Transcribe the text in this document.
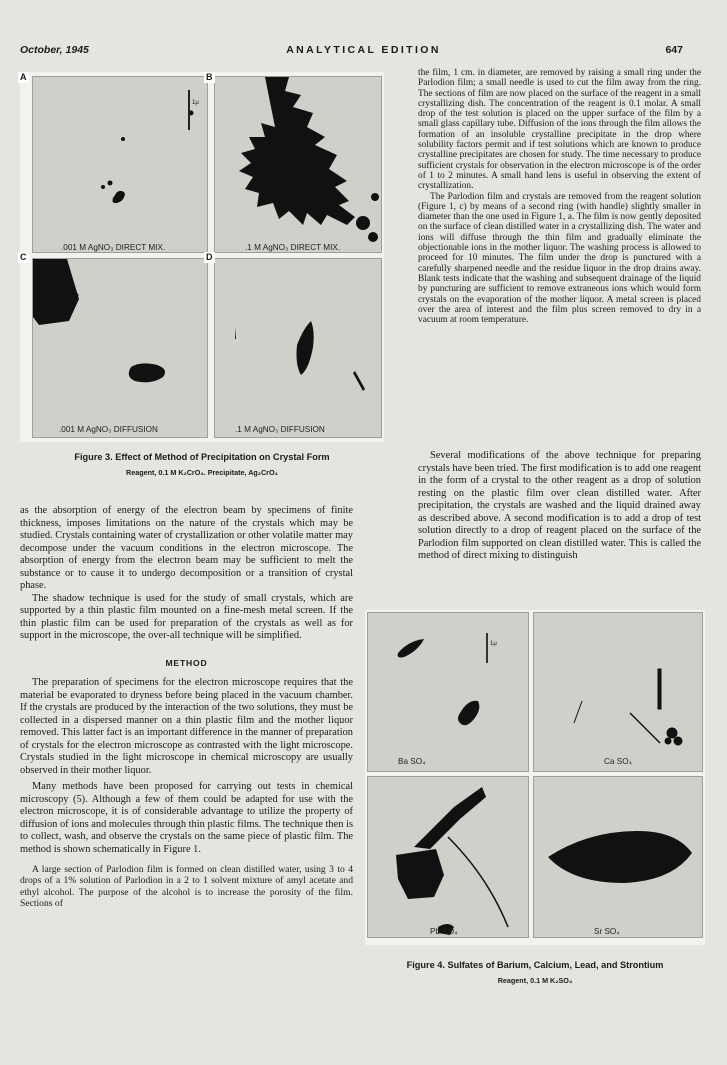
October, 1945	ANALYTICAL EDITION	647
.001 M AgNO₃ DIRECT MIX.
A
.1 M AgNO₃ DIRECT MIX.
B
1μ
.001 M AgNO₃ DIFFUSION
C
.1 M AgNO₃ DIFFUSION
D
Figure 3. Effect of Method of Precipitation on Crystal Form
Reagent, 0.1 M K₂CrO₄. Precipitate, Ag₂CrO₄

as the absorption of energy of the electron beam by specimens of finite thickness, imposes limitations on the nature of the crystals which may be studied. Crystals containing water of crystallization or other volatile matter may decompose under the vacuum conditions in the electron microscope. The absorption of energy from the electron beam may be sufficient to melt the substance or to cause it to undergo decomposition or a transition of crystal phase.

The shadow technique is used for the study of small crystals, which are supported by a thin plastic film mounted on a fine-mesh metal screen. If the thin plastic film can be used for preparation of the crystals as well as for support in the microscope, the over-all technique will be simplified.

METHOD

The preparation of specimens for the electron microscope requires that the material be evaporated to dryness before being placed in the vacuum chamber. If the crystals are produced by the interaction of the two solutions, they must be collected in a dispersed manner on a thin plastic film and the mother liquor removed. This latter fact is an important difference in the manner of preparation of crystals for the electron microscope as contrasted with the light microscope. Crystals studied in the light microscope in chemical microscopy are usually observed in their mother liquor.

Many methods have been proposed for carrying out tests in chemical microscopy (5). Although a few of them could be adapted for use with the electron microscope, it is of considerable advantage to utilize the property of diffusion of ions and molecules through thin plastic films. The technique then is to collect, wash, and observe the crystals on the same piece of plastic film. The method is shown schematically in Figure 1.

A large section of Parlodion film is formed on clean distilled water, using 3 to 4 drops of a 1% solution of Parlodion in a 2 to 1 solvent mixture of amyl acetate and ethyl alcohol. The purpose of the alcohol is to increase the porosity of the film. Sections of

the film, 1 cm. in diameter, are removed by raising a small ring under the Parlodion film; a small needle is used to cut the film away from the ring. The sections of film are now placed on the surface of the reagent in a small crystallizing dish. The concentration of the reagent is 0.1 molar. A small drop of the test solution is placed on the upper surface of the film by a small glass capillary tube. Diffusion of the ions through the film allows the formation of an insoluble crystalline precipitate in the drop where solubility factors permit and if test solutions which are known to produce crystalline precipitates are chosen for study. The time necessary to produce sufficient crystals for observation in the electron microscope is of the order of 1 to 2 minutes. A small hand lens is useful in observing the extent of crystallization.

The Parlodion film and crystals are removed from the reagent solution (Figure 1, c) by means of a second ring (with handle) slightly smaller in diameter than the one used in Figure 1, a. The film is now gently deposited on the surface of clean distilled water in a crystallizing dish. The water and ions will diffuse through the thin film and gradually eliminate the objectionable ions in the mother liquor. The washing process is allowed to proceed for 10 minutes. The film under the drop is punctured with a carefully sharpened needle and the residue liquor in the drop drains away. Blank tests indicate that the washing and subsequent drainage of the liquid by puncturing are sufficient to remove extraneous ions which would form crystals on the evaporation of the mother liquor. A metal screen is placed over the area of interest and the film plus screen removed to dry in a vacuum at room temperature.

Several modifications of the above technique for preparing crystals have been tried. The first modification is to add one reagent in the form of a crystal to the other reagent as a drop of solution resting on the plastic film over clean distilled water. After precipitation, the crystals are washed and the liquid drained away as described above. A second modification is to add a drop of test solution directly to a drop of reagent placed on the surface of the Parlodion film supported on clean distilled water. This is called the method of direct mixing to distinguish

1μ
Ba SO₄	Ca SO₄
Pb SO₄	Sr SO₄
Figure 4. Sulfates of Barium, Calcium, Lead, and Strontium
Reagent, 0.1 M K₂SO₄
